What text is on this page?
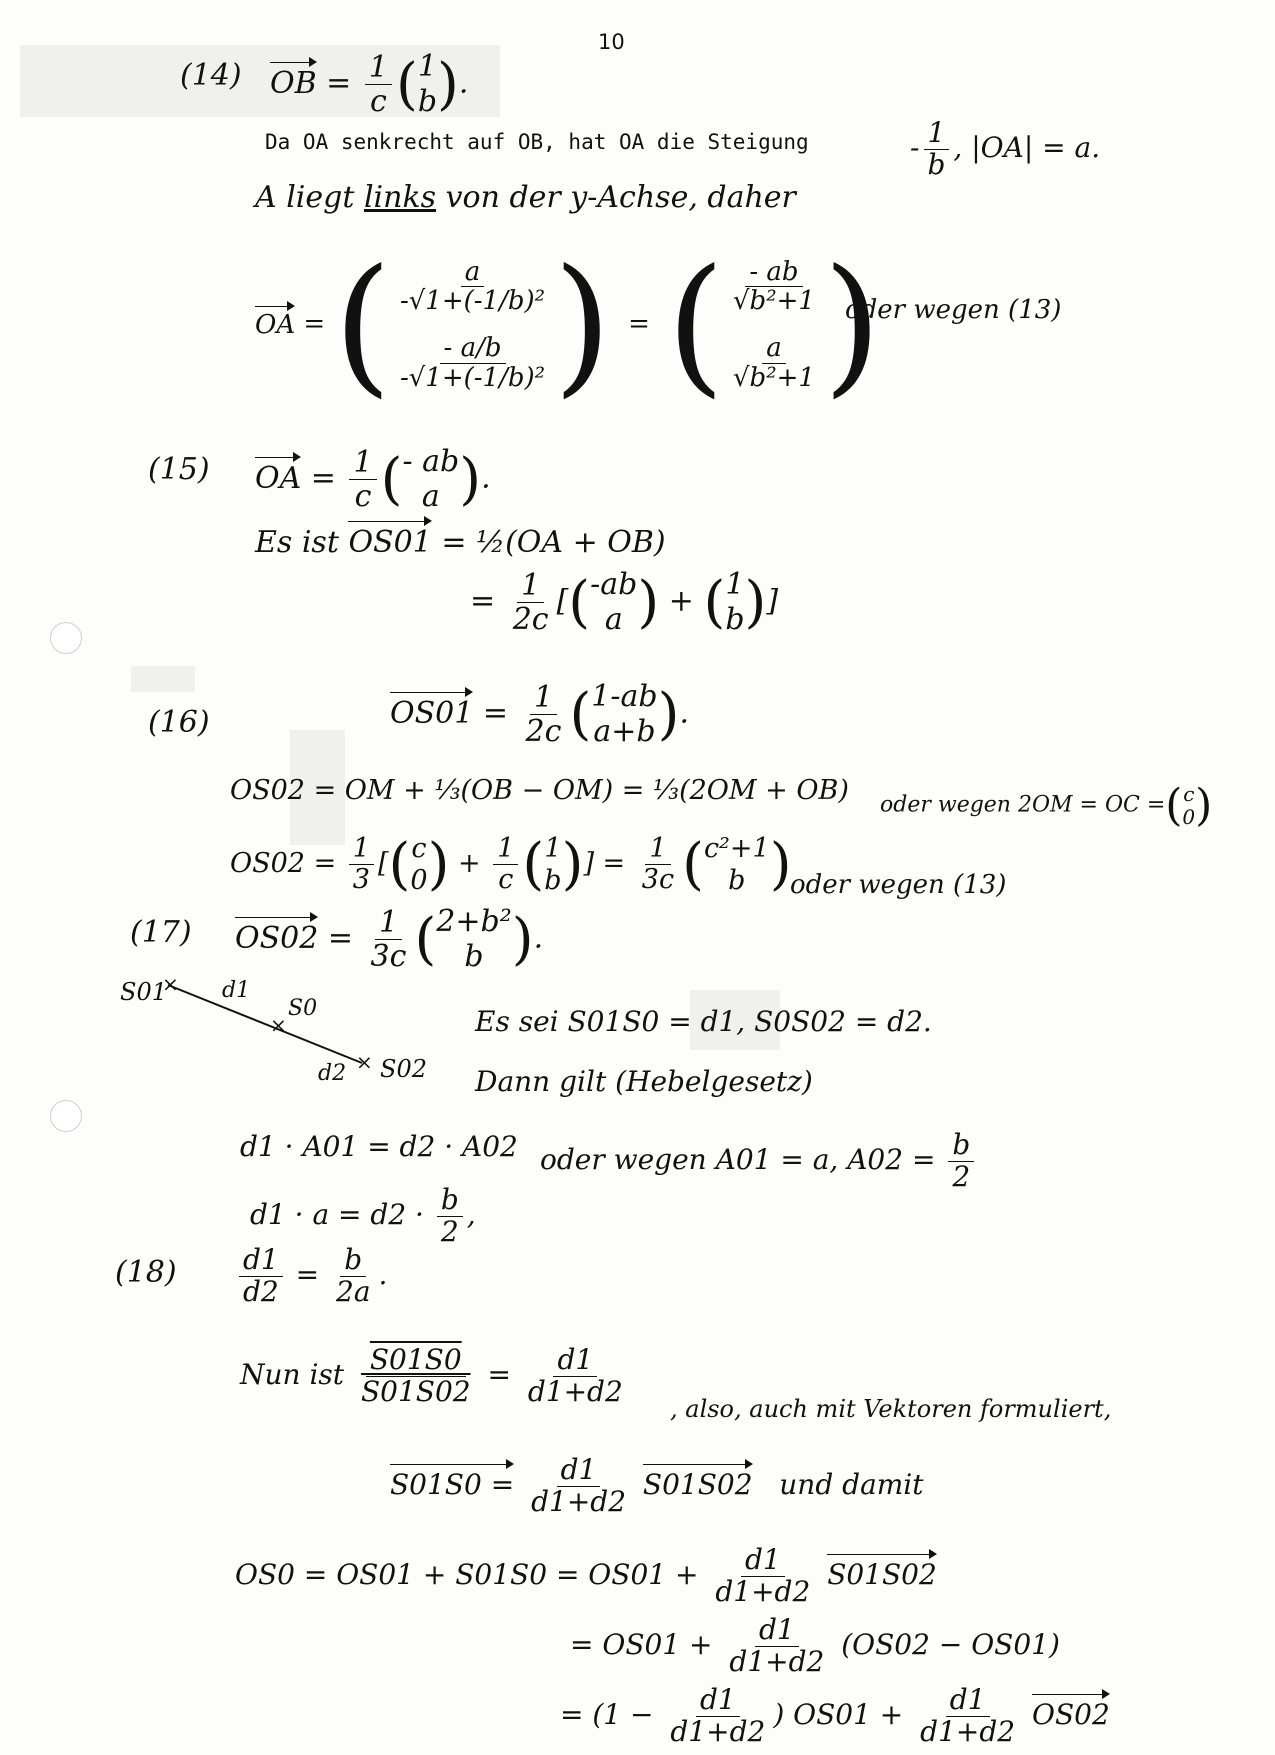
10
(14) OB = $\frac{1}{c}$ ( 1
b ).
Da OA senkrecht auf OB, hat OA die Steigung	- $\frac{1}{b}$ , |OA| = a.
A liegt links von der y-Achse, daher
OA = ( $\frac{a}{\text{-√1+(-1/b)²}}$
$\frac{- a/b}{\text{-√1+(-1/b)²}}$ )  =  ( $\frac{- ab}{\text{√b²+1}}$
$\frac{a}{\text{√b²+1}}$ )
oder wegen (13)
(15) OA = $\frac{1}{c}$ ( - ab
a ).
Es ist OS01 = ½(OA + OB)
= $\frac{1}{2c}$ [( -ab
a ) + ( 1
b )]
(16)	$OS01 = \frac{1}{2c}$ ( 1-ab
a+b ).
OS02 = OM + ⅓(OB − OM) = ⅓(2OM + OB) oder wegen 2OM = OC =( c
0 )
$OS02 = \frac{1}{3}$ [( c
0 ) + $\frac{1}{c}$ ( 1
b )] = $\frac{1}{3c}$ ( c²+1
b )
oder wegen (13)
(17) $OS02 = \frac{1}{3c}$ ( 2+b²
b ).
×
×
×
S01	d1
S0
d2 S02
Es sei S01S0 = d1, S0S02 = d2.
Dann gilt (Hebelgesetz)
d1 · A01 = d2 · A02 oder wegen A01 = a, $A02 = \frac{b}{2}$
$d1 \cdot a = d2 \cdot \frac{b}{2}$ ,
$(18) \frac{d1}{d2} = \frac{b}{2a}$ .
Nun ist $\frac{S01S0}{S01S02} = \frac{d1}{d1+d2}$
, also, auch mit Vektoren formuliert,
$S01S0 = \frac{d1}{d1+d2} S01S02$ und damit
$OS0 = OS01 + S01S0 = OS01 + \frac{d1}{d1+d2} S01S02$
= $OS01 + \frac{d1}{d1+d2} (OS02 - OS01)$
= ($1 - \frac{d1}{d1+d2}$ ) $OS01 + \frac{d1}{d1+d2} OS02$
